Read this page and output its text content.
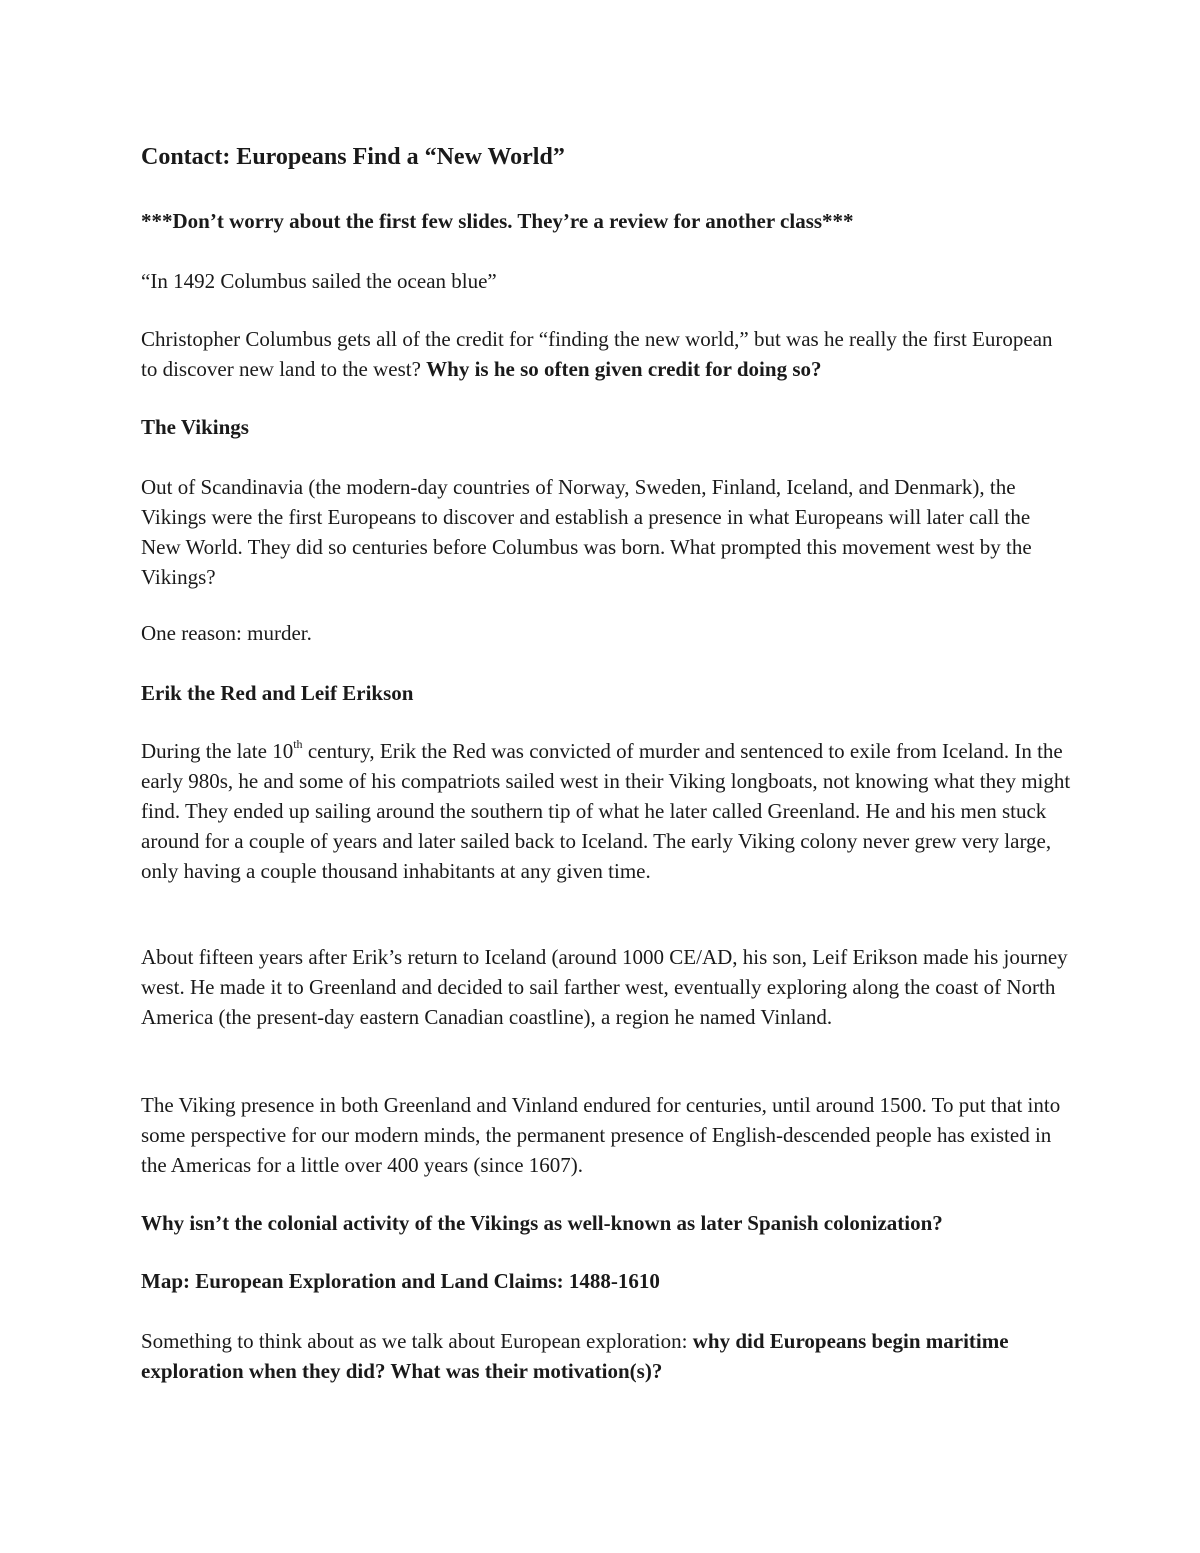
Contact: Europeans Find a “New World”

***Don’t worry about the first few slides. They’re a review for another class***

“In 1492 Columbus sailed the ocean blue”

Christopher Columbus gets all of the credit for “finding the new world,” but was he really the first European to discover new land to the west? Why is he so often given credit for doing so?

The Vikings

Out of Scandinavia (the modern-day countries of Norway, Sweden, Finland, Iceland, and Denmark), the Vikings were the first Europeans to discover and establish a presence in what Europeans will later call the New World. They did so centuries before Columbus was born. What prompted this movement west by the Vikings?

One reason: murder.

Erik the Red and Leif Erikson

During the late 10th century, Erik the Red was convicted of murder and sentenced to exile from Iceland. In the early 980s, he and some of his compatriots sailed west in their Viking longboats, not knowing what they might find. They ended up sailing around the southern tip of what he later called Greenland. He and his men stuck around for a couple of years and later sailed back to Iceland. The early Viking colony never grew very large, only having a couple thousand inhabitants at any given time.

About fifteen years after Erik’s return to Iceland (around 1000 CE/AD, his son, Leif Erikson made his journey west. He made it to Greenland and decided to sail farther west, eventually exploring along the coast of North America (the present-day eastern Canadian coastline), a region he named Vinland.

The Viking presence in both Greenland and Vinland endured for centuries, until around 1500. To put that into some perspective for our modern minds, the permanent presence of English-descended people has existed in the Americas for a little over 400 years (since 1607).

Why isn’t the colonial activity of the Vikings as well-known as later Spanish colonization?

Map: European Exploration and Land Claims: 1488-1610

Something to think about as we talk about European exploration: why did Europeans begin maritime exploration when they did? What was their motivation(s)?
